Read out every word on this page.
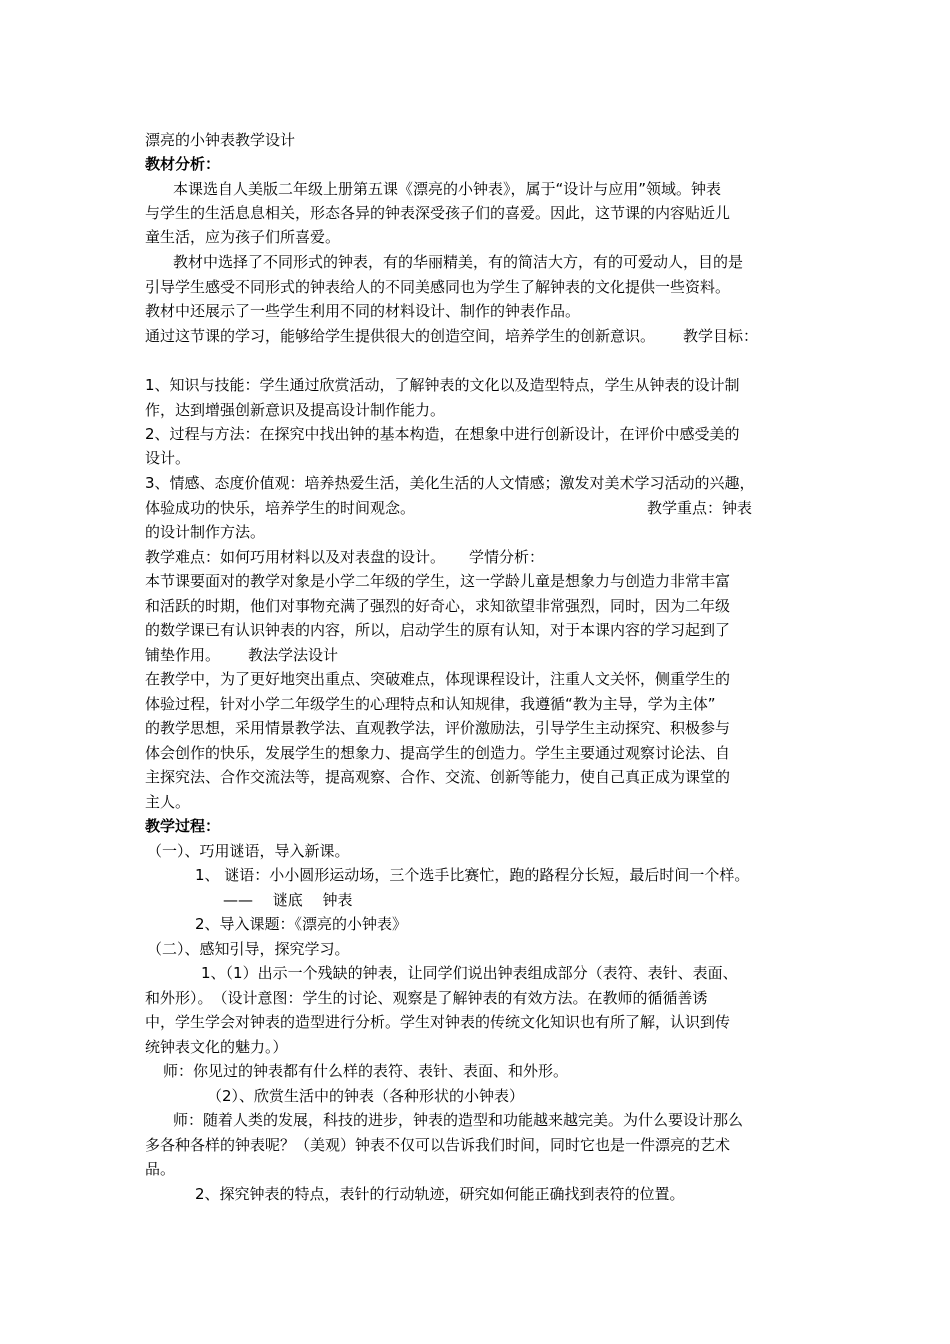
漂亮的小钟表教学设计
教材分析：
本课选自人美版二年级上册第五课《漂亮的小钟表》，属于“设计与应用”领域。钟表
与学生的生活息息相关，形态各异的钟表深受孩子们的喜爱。因此，这节课的内容贴近儿
童生活，应为孩子们所喜爱。
教材中选择了不同形式的钟表，有的华丽精美，有的简洁大方，有的可爱动人，目的是
引导学生感受不同形式的钟表给人的不同美感同也为学生了解钟表的文化提供一些资料。
教材中还展示了一些学生利用不同的材料设计、制作的钟表作品。
通过这节课的学习，能够给学生提供很大的创造空间，培养学生的创新意识。 教学目标：
1、知识与技能：学生通过欣赏活动，了解钟表的文化以及造型特点，学生从钟表的设计制
作，达到增强创新意识及提高设计制作能力。
2、过程与方法：在探究中找出钟的基本构造，在想象中进行创新设计，在评价中感受美的
设计。
3、情感、态度价值观：培养热爱生活，美化生活的人文情感；激发对美术学习活动的兴趣，
体验成功的快乐，培养学生的时间观念。	教学重点：钟表
的设计制作方法。
教学难点：如何巧用材料以及对表盘的设计。 学情分析：
本节课要面对的教学对象是小学二年级的学生，这一学龄儿童是想象力与创造力非常丰富
和活跃的时期，他们对事物充满了强烈的好奇心，求知欲望非常强烈，同时，因为二年级
的数学课已有认识钟表的内容，所以，启动学生的原有认知，对于本课内容的学习起到了
铺垫作用。 教法学法设计
在教学中，为了更好地突出重点、突破难点，体现课程设计，注重人文关怀，侧重学生的
体验过程，针对小学二年级学生的心理特点和认知规律，我遵循“教为主导，学为主体”
的教学思想，采用情景教学法、直观教学法，评价激励法，引导学生主动探究、积极参与
体会创作的快乐，发展学生的想象力、提高学生的创造力。学生主要通过观察讨论法、自
主探究法、合作交流法等，提高观察、合作、交流、创新等能力，使自己真正成为课堂的
主人。
教学过程：
（一）、巧用谜语，导入新课。
1、 谜语：小小圆形运动场，三个选手比赛忙，跑的路程分长短，最后时间一个样。
——　 谜底　 钟表
2、导入课题：《漂亮的小钟表》
（二）、感知引导，探究学习。
1、（1）出示一个残缺的钟表，让同学们说出钟表组成部分（表符、表针、表面、
和外形）。　（设计意图：学生的讨论、观察是了解钟表的有效方法。在教师的循循善诱
中，学生学会对钟表的造型进行分析。学生对钟表的传统文化知识也有所了解，认识到传
统钟表文化的魅力。）
师：你见过的钟表都有什么样的表符、表针、表面、和外形。
（2）、欣赏生活中的钟表（各种形状的小钟表）
师：随着人类的发展，科技的进步，钟表的造型和功能越来越完美。为什么要设计那么
多各种各样的钟表呢？（美观）钟表不仅可以告诉我们时间，同时它也是一件漂亮的艺术
品。
2、探究钟表的特点，表针的行动轨迹，研究如何能正确找到表符的位置。
